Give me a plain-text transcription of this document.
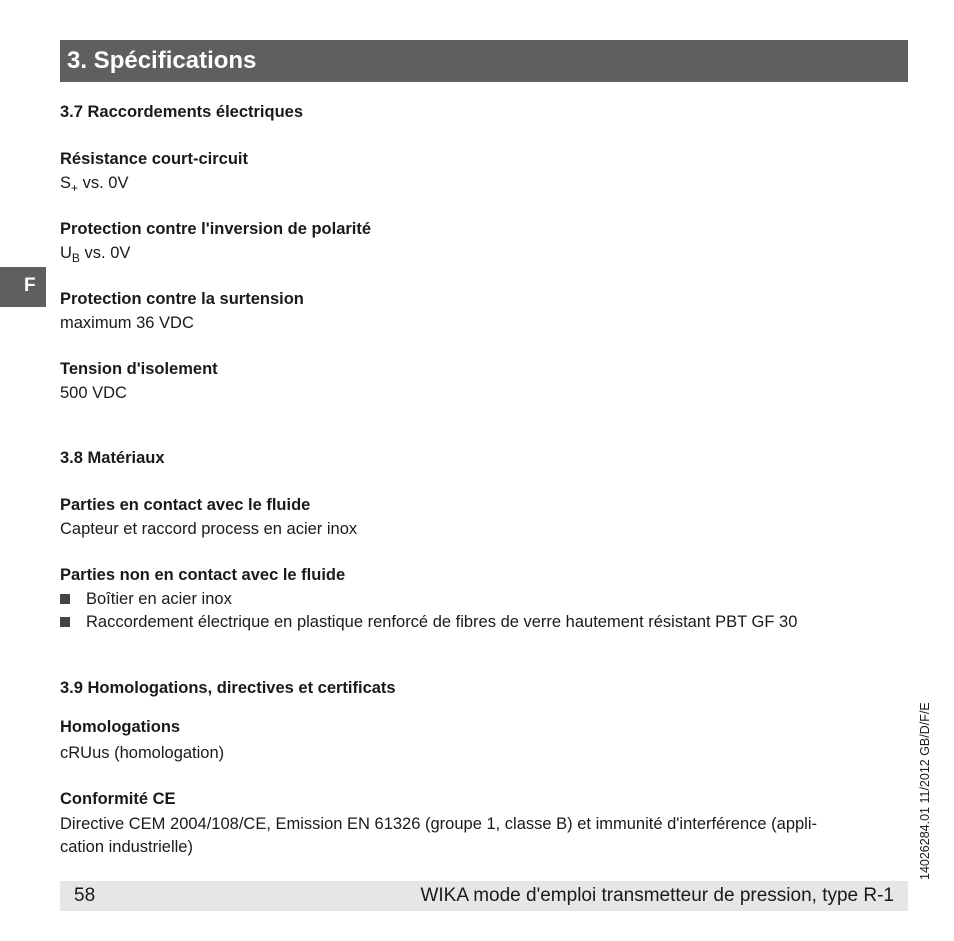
3. Spécifications
F
3.7 Raccordements électriques
Résistance court-circuit
$S_+$ vs. 0V
Protection contre l'inversion de polarité
$U_B$ vs. 0V
Protection contre la surtension
maximum 36 VDC
Tension d'isolement
500 VDC
3.8 Matériaux
Parties en contact avec le fluide
Capteur et raccord process en acier inox
Parties non en contact avec le fluide
Boîtier en acier inox
Raccordement électrique en plastique renforcé de fibres de verre hautement résistant PBT GF 30
3.9 Homologations, directives et certificats
Homologations
cRUus (homologation)
Conformité CE
Directive CEM 2004/108/CE, Emission EN 61326 (groupe 1, classe B) et immunité d'interférence (appli-
cation industrielle)	14026284.01 11/2012 GB/D/F/E
58	WIKA mode d'emploi transmetteur de pression, type R-1
